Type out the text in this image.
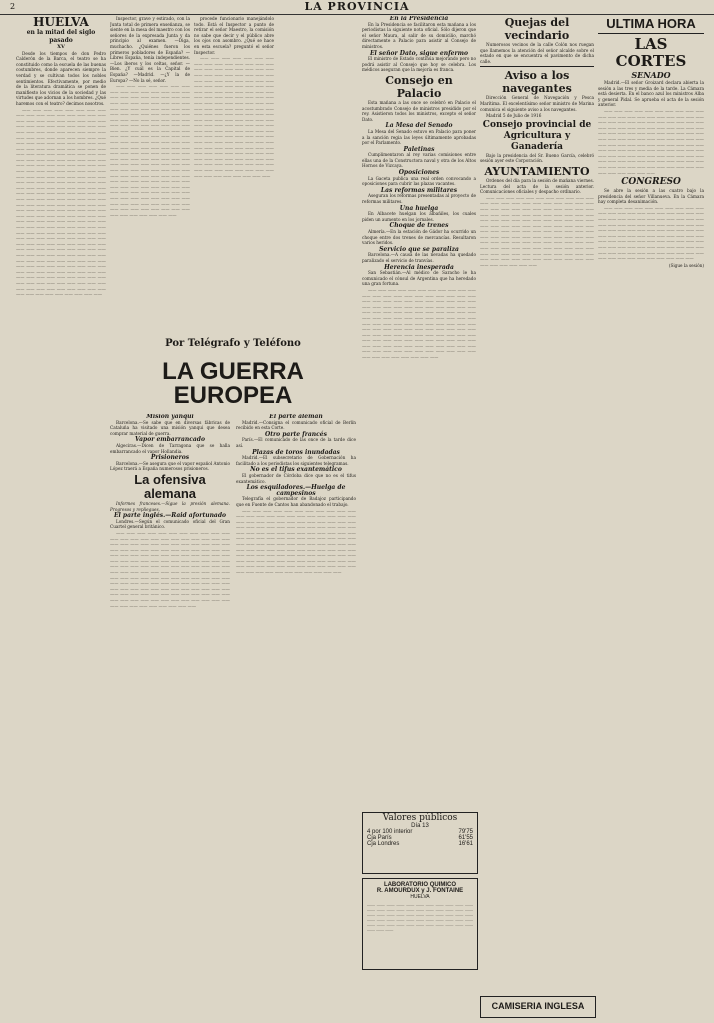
2	LA PROVINCIA
HUELVA
en la mitad del siglo pasado
XV

Desde los tiempos de don Pedro Calderón de la Barca, el teatro se ha constituido como la escuela de las buenas costumbres, donde aparecen siempre la verdad y se cultivan todos los nobles sentimientos. Efectivamente, por medio de la literatura dramática se ponen de manifiesto los vicios de la sociedad y las virtudes que adornan a los hombres. ¿Qué haremos con el teatro? decimos nosotros.

—— —— —— —— —— —— —— —— —— —— —— —— —— —— —— —— —— —— —— —— —— —— —— —— —— —— —— —— —— —— —— —— —— —— —— —— —— —— —— —— —— —— —— —— —— —— —— —— —— —— —— —— —— —— —— —— —— —— —— —— —— —— —— —— —— —— —— —— —— —— —— —— —— —— —— —— —— —— —— —— —— —— —— —— —— —— —— —— —— —— —— —— —— —— —— —— —— —— —— —— —— —— —— —— —— —— —— —— —— —— —— —— —— —— —— —— —— —— —— —— —— —— —— —— —— —— —— —— —— —— —— —— —— —— —— —— —— —— —— —— —— —— —— —— —— —— —— —— —— —— —— —— —— —— —— —— —— —— —— —— —— —— —— —— —— —— —— —— —— —— —— —— —— —— —— —— —— —— —— —— —— —— —— —— —— —— —— —— —— —— —— —— —— —— —— —— —— —— —— —— —— —— —— —— —— —— —— —— —— —— —— —— —— —— —— —— —— —— —— —— —— —— —— —— —— —— —— —— —— —— —— —— —— —— —— —— —— —— —— —— —— —— —— —— —— —— —— —— —— —— —— —— —— —— —— —— —— —— —— —— —— —— —— —— —— —— —— —— —— —— —— —— —— —— —— —— —— —— —— —— —— —— —— —— —— —— —— —— —— —— —— —— —— —— —— —— —— —— —— —— —— —— —— —— ——

Inspector, grave y estirado, con la Junta total de primera enseñanza, se siente en la mesa del maestro con los señores de la expresada Junta y da principio al examen. —Diga, muchacho. ¿Quiénes fueron los primeros pobladores de España? —Libres España, tenía independientes. —Los iberos y los celtas, señor. —Bien. ¿Y cuál es la Capital de España? —Madrid. —¿Y la de Europa? —No la sé, señor.

—— —— —— —— —— —— —— —— —— —— —— —— —— —— —— —— —— —— —— —— —— —— —— —— —— —— —— —— —— —— —— —— —— —— —— —— —— —— —— —— —— —— —— —— —— —— —— —— —— —— —— —— —— —— —— —— —— —— —— —— —— —— —— —— —— —— —— —— —— —— —— —— —— —— —— —— —— —— —— —— —— —— —— —— —— —— —— —— —— —— —— —— —— —— —— —— —— —— —— —— —— —— —— —— —— —— —— —— —— —— —— —— —— —— —— —— —— —— —— —— —— —— —— —— —— —— —— —— —— —— —— —— —— —— —— —— —— —— —— —— —— —— —— —— —— —— —— —— —— —— —— —— —— —— —— —— —— —— —— —— —— —— —— —— —— —— —— —— —— —— —— —— —— —— —— —— —— —— —— —— —— —— —— —— —— —— —— —— —— ——

procede funcionario manejándolo todo. Está el Inspector a punto de retirar el señor Maestro, la comisión no sabe que decir y el público abre los ojos con asombro. ¿Qué se hace en esta escuela? preguntó el señor Inspector.

—— —— —— —— —— —— —— —— —— —— —— —— —— —— —— —— —— —— —— —— —— —— —— —— —— —— —— —— —— —— —— —— —— —— —— —— —— —— —— —— —— —— —— —— —— —— —— —— —— —— —— —— —— —— —— —— —— —— —— —— —— —— —— —— —— —— —— —— —— —— —— —— —— —— —— —— —— —— —— —— —— —— —— —— —— —— —— —— —— —— —— —— —— —— —— —— —— —— —— —— —— —— —— —— —— —— —— —— —— —— —— —— —— —— —— —— —— —— —— —— —— —— —— —— —— —— —— —— —— —— —— —— —— —— —— —— —— —— —— —— —— —— —— —— —— —— —— —— —— —— —— —— —— —— —— —— —— —— —— —— —— —— —— —— —— —— —— —— —— —— —— —— —— —— ——

Por Telégrafo y Teléfono
LA GUERRA
EUROPEA
Misión yanqui

Barcelona.—Se sabe que en diversas fábricas de Cataluña ha visitado una misión yanqui que desea comprar material de guerra.

Vapor embarrancado

Algeciras.—Dicen de Tarragona que se halla embarrancado el vapor Hollandia.

Prisioneros

Barcelona.—Se asegura que el vapor español Antonio López traerá a España numerosos prisioneros.

La ofensiva alemana

Informes franceses.—Sigue la presión alemana. Progresos y repliegues.

El parte inglés.—Raid afortunado

Londres.—Según el comunicado oficial del Gran Cuartel general británico.

—— —— —— —— —— —— —— —— —— —— —— —— —— —— —— —— —— —— —— —— —— —— —— —— —— —— —— —— —— —— —— —— —— —— —— —— —— —— —— —— —— —— —— —— —— —— —— —— —— —— —— —— —— —— —— —— —— —— —— —— —— —— —— —— —— —— —— —— —— —— —— —— —— —— —— —— —— —— —— —— —— —— —— —— —— —— —— —— —— —— —— —— —— —— —— —— —— —— —— —— —— —— —— —— —— —— —— —— —— —— —— —— —— —— —— —— —— —— —— —— —— —— —— —— —— —— —— —— —— —— —— —— —— —— —— —— —— —— —— —— —— —— —— —— —— —— —— —— —— —— —— —— —— —— —— —— —— —— —— —— —— —— —— ——

El parte alemán

Madrid.—Consigna el comunicado oficial de Berlín recibido en esta Corte.

Otro parte francés

París.—El comunicado de las once de la tarde dice así.

Plazas de toros inundadas

Madrid.—El subsecretario de Gobernación ha facilitado a los periodistas los siguientes telegramas.

No es el tifus exantemático

El gobernador de Córdoba dice que no es el tifus exantemático.

Los esquiladores.—Huelga de campesinos

Telegrafía el gobernador de Badajoz participando que en Fuente de Cantos han abandonado el trabajo.

—— —— —— —— —— —— —— —— —— —— —— —— —— —— —— —— —— —— —— —— —— —— —— —— —— —— —— —— —— —— —— —— —— —— —— —— —— —— —— —— —— —— —— —— —— —— —— —— —— —— —— —— —— —— —— —— —— —— —— —— —— —— —— —— —— —— —— —— —— —— —— —— —— —— —— —— —— —— —— —— —— —— —— —— —— —— —— —— —— —— —— —— —— —— —— —— —— —— —— —— —— —— —— —— —— —— —— —— —— —— —— —— —— —— —— —— —— —— —— —— —— —— —— —— —— —— —— —— —— —— —— —— —— —— —— —— —— —— —— —— —— ——

En la Presidencia

En la Presidencia se facilitaron esta mañana a los periodistas la siguiente nota oficial. Sólo dijeron que el señor Maura, al salir de su domicilio, marchó directamente a Palacio para asistir al Consejo de ministros.

El señor Dato, sigue enfermo

El ministro de Estado continúa mejorando pero no podrá asistir al Consejo que hoy se celebra. Los médicos aseguran que la mejoría es franca.

Consejo en Palacio

Esta mañana a las once se celebró en Palacio el acostumbrado Consejo de ministros presidido por el rey. Asistieron todos los ministros, excepto el señor Dato.

La Mesa del Senado

La Mesa del Senado estuvo en Palacio para poner a la sanción regia las leyes últimamente aprobadas por el Parlamento.

Paletinas

Cumplimentaron al rey varias comisiones entre ellas una de la Constructora naval y otra de los Altos Hornos de Vizcaya.

Oposiciones

La Gaceta publica una real orden convocando a oposiciones para cubrir las plazas vacantes.

Las reformas militares

Aseguran los reformas presentadas al proyecto de reformas militares.

Una huelga

En Albacete huelgan los albañiles, los cuales piden un aumento en los jornales.

Choque de trenes

Almería.—En la estación de Gádor ha ocurrido un choque entre dos trenes de mercancías. Resultaron varios heridos.

Servicio que se paraliza

Barcelona.—A causa de las nevadas ha quedado paralizado el servicio de tranvías.

Herencia inesperada

San Sebastián.—Al médico de Saracho le ha comunicado el cónsul de Argentina que ha heredado una gran fortuna.

—— —— —— —— —— —— —— —— —— —— —— —— —— —— —— —— —— —— —— —— —— —— —— —— —— —— —— —— —— —— —— —— —— —— —— —— —— —— —— —— —— —— —— —— —— —— —— —— —— —— —— —— —— —— —— —— —— —— —— —— —— —— —— —— —— —— —— —— —— —— —— —— —— —— —— —— —— —— —— —— —— —— —— —— —— —— —— —— —— —— —— —— —— —— —— —— —— —— —— —— —— —— —— —— —— —— —— —— —— —— —— —— —— —— —— —— —— —— —— —— —— —— —— —— —— —— —— —— —— —— —— —— —— —— —— —— —— —— —— ——

Quejas del vecindario

Numerosos vecinos de la calle Colón nos ruegan que llamemos la atención del señor alcalde sobre el estado en que se encuentra el pavimento de dicha calle.

Aviso a los navegantes

Dirección General de Navegación y Pesca Marítima. El excelentísimo señor ministro de Marina comunica el siguiente aviso a los navegantes.

Madrid 5 de Julio de 1916

Consejo provincial de Agricultura y Ganadería

Bajo la presidencia del Sr. Bueno García, celebró sesión ayer este Corporación.

AYUNTAMIENTO

Ordenes del día para la sesión de mañana viernes. Lectura del acta de la sesión anterior. Comunicaciones oficiales y despacho ordinario.

—— —— —— —— —— —— —— —— —— —— —— —— —— —— —— —— —— —— —— —— —— —— —— —— —— —— —— —— —— —— —— —— —— —— —— —— —— —— —— —— —— —— —— —— —— —— —— —— —— —— —— —— —— —— —— —— —— —— —— —— —— —— —— —— —— —— —— —— —— —— —— —— —— —— —— —— —— —— —— —— —— —— —— —— —— —— —— —— —— —— —— —— —— —— —— —— —— —— —— —— —— —— —— —— —— —— —— —— —— —— —— —— —— —— —— —— —— —— —— —— —— —— —— —— —— —— —— —— —— —— —— —— —— —— —— —— —— ——

ULTIMA HORA
LAS CORTES
SENADO

Madrid.—El señor Groizard declara abierta la sesión a las tres y media de la tarde. La Cámara está desierta. En el banco azul los ministros Alba y general Pidal. Se aprueba el acta de la sesión anterior.

—— —— —— —— —— —— —— —— —— —— —— —— —— —— —— —— —— —— —— —— —— —— —— —— —— —— —— —— —— —— —— —— —— —— —— —— —— —— —— —— —— —— —— —— —— —— —— —— —— —— —— —— —— —— —— —— —— —— —— —— —— —— —— —— —— —— —— —— —— —— —— —— —— —— —— —— —— —— —— —— —— —— —— —— —— —— —— —— —— —— —— —— —— —— —— —— —— —— —— —— —— —— —— —— —— —— —— —— —— —— —— —— —— —— —— —— —— —— —— —— —— —— —— —— —— ——

CONGRESO

Se abre la sesión a las cuatro bajo la presidencia del señor Villanueva. En la Cámara hay completa desanimación.

—— —— —— —— —— —— —— —— —— —— —— —— —— —— —— —— —— —— —— —— —— —— —— —— —— —— —— —— —— —— —— —— —— —— —— —— —— —— —— —— —— —— —— —— —— —— —— —— —— —— —— —— —— —— —— —— —— —— —— —— —— —— —— —— —— —— —— —— —— —— —— —— —— —— —— —— —— —— —— —— —— —— —— —— —— —— —— —— —— —— —— —— —— —— —— —— —— —— —— —— —— —— —— —— —— —— —— ——

(Sigue la sesión)

Valores públicos
Día 13
4 por 100 interior	79'75
Cja París	61'55
Cja Londres	16'61
LABORATORIO QUIMICO
R. AMOURDUX y J. FONTAINE
HUELVA
—— —— —— —— —— —— —— —— —— —— —— —— —— —— —— —— —— —— —— —— —— —— —— —— —— —— —— —— —— —— —— —— —— —— —— —— —— —— —— —— —— —— —— —— —— —— —— —— —— —— —— —— —— —— —— —— —— ——
CAMISERIA INGLESA
